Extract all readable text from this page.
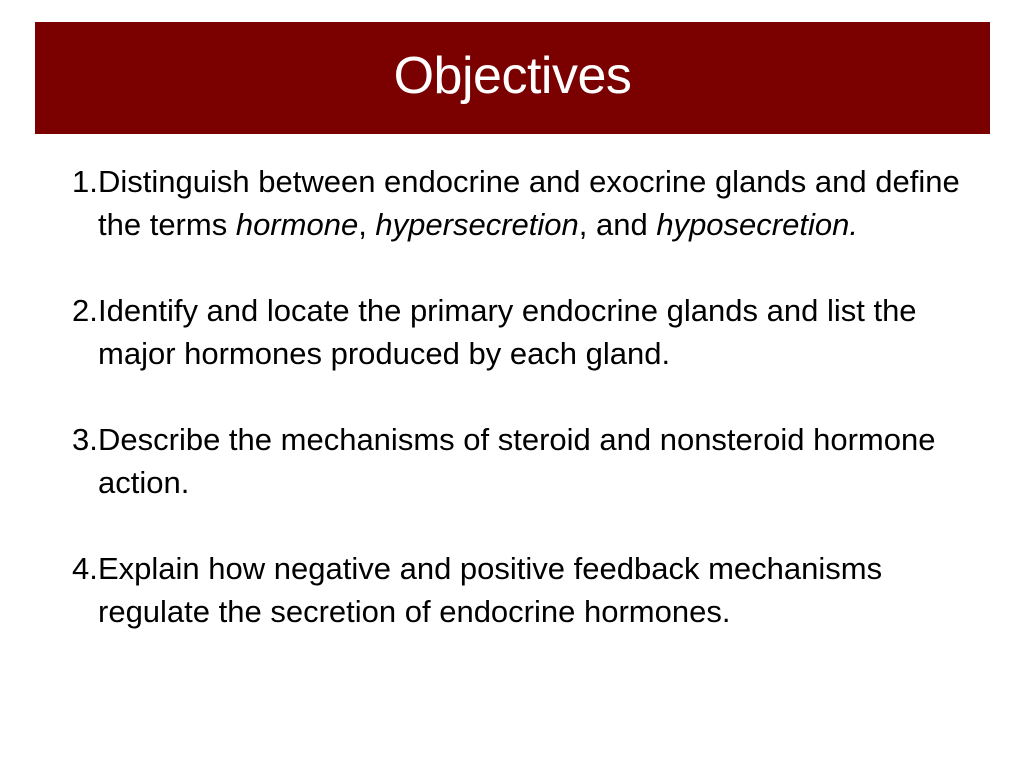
Objectives
1 . Distinguish between endocrine and exocrine glands and define the terms hormone, hypersecretion, and hyposecretion.
2 . Identify and locate the primary endocrine glands and list the major hormones produced by each gland.
3 . Describe the mechanisms of steroid and nonsteroid hormone action.
4 . Explain how negative and positive feedback mechanisms regulate the secretion of endocrine hormones.
